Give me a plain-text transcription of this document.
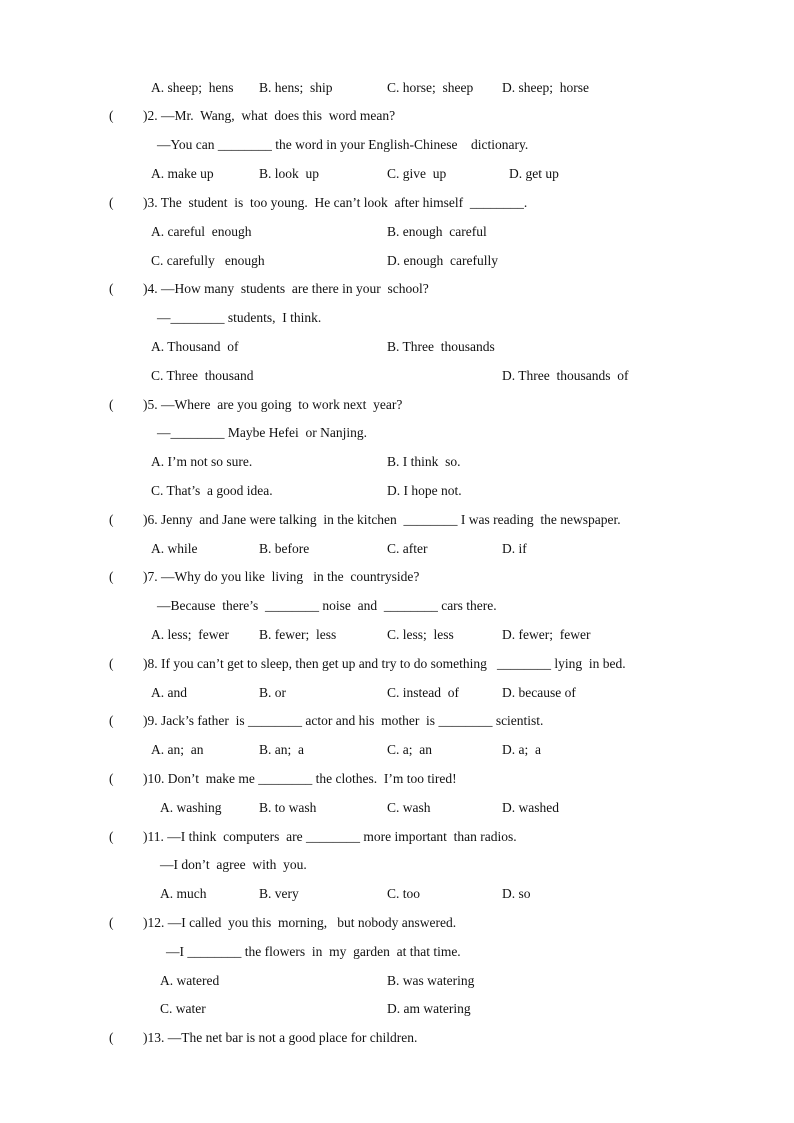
A. sheep;  hens B. hens;  ship	C. horse;  sheep D. sheep;  horse
( )2. —Mr.  Wang,  what  does this  word mean?
—You can ________ the word in your English-Chinese    dictionary.
A. make up	B. look  up	C. give  up	D. get up
( )3. The  student  is  too young.  He can’t look  after himself  ________.
A. careful  enough	B. enough  careful
C. carefully   enough	D. enough  carefully
( )4. —How many  students  are there in your  school?
—________ students,  I think.
A. Thousand  of	B. Three  thousands
C. Three  thousand	D. Three  thousands  of
( )5. —Where  are you going  to work next  year?
—________ Maybe Hefei  or Nanjing.
A. I’m not so sure.	B. I think  so.
C. That’s  a good idea.	D. I hope not.
( )6. Jenny  and Jane were talking  in the kitchen  ________ I was reading  the newspaper.
A. while	B. before	C. after	D. if
( )7. —Why do you like  living   in the  countryside?
—Because  there’s  ________ noise  and  ________ cars there.
A. less;  fewer B. fewer;  less	C. less;  less	D. fewer;  fewer
( )8. If you can’t get to sleep, then get up and try to do something   ________ lying  in bed.
A. and	B. or	C. instead  of	D. because of
( )9. Jack’s father  is ________ actor and his  mother  is ________ scientist.
A. an;  an	B. an;  a	C. a;  an	D. a;  a
( )10. Don’t  make me ________ the clothes.  I’m too tired!
A. washing	B. to wash	C. wash	D. washed
( )11. —I think  computers  are ________ more important  than radios.
—I don’t  agree  with  you.
A. much	B. very	C. too	D. so
( )12. —I called  you this  morning,   but nobody answered.
—I ________ the flowers  in  my  garden  at that time.
A. watered	B. was watering
C. water	D. am watering
( )13. —The net bar is not a good place for children.
